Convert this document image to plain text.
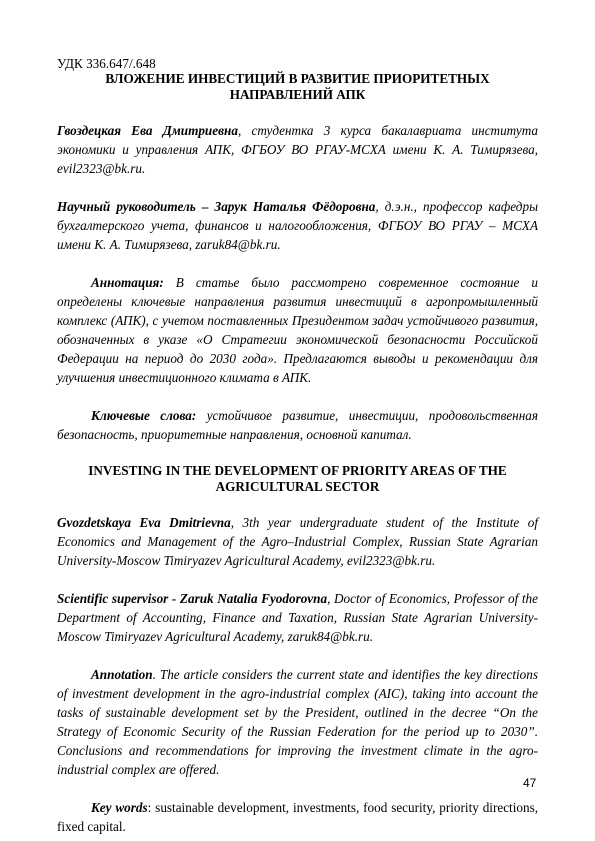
УДК 336.647/.648

ВЛОЖЕНИЕ ИНВЕСТИЦИЙ В РАЗВИТИЕ ПРИОРИТЕТНЫХ
НАПРАВЛЕНИЙ АПК

Гвоздецкая Ева Дмитриевна, студентка 3 курса бакалавриата института экономики и управления АПК, ФГБОУ ВО РГАУ-МСХА имени К. А. Тимирязева, evil2323@bk.ru.

Научный руководитель – Зарук Наталья Фёдоровна, д.э.н., профессор кафедры бухгалтерского учета, финансов и налогообложения, ФГБОУ ВО РГАУ – МСХА имени К. А. Тимирязева, zaruk84@bk.ru.

Аннотация: В статье было рассмотрено современное состояние и определены ключевые направления развития инвестиций в агропромышленный комплекс (АПК), с учетом поставленных Президентом задач устойчивого развития, обозначенных в указе «О Стратегии экономической безопасности Российской Федерации на период до 2030 года». Предлагаются выводы и рекомендации для улучшения инвестиционного климата в АПК.

Ключевые слова: устойчивое развитие, инвестиции, продовольственная безопасность, приоритетные направления, основной капитал.

INVESTING IN THE DEVELOPMENT OF PRIORITY AREAS OF THE
AGRICULTURAL SECTOR

Gvozdetskaya Eva Dmitrievna, 3th year undergraduate student of the Institute of Economics and Management of the Agro–Industrial Complex, Russian State Agrarian University-Moscow Timiryazev Agricultural Academy, evil2323@bk.ru.

Scientific supervisor - Zaruk Natalia Fyodorovna, Doctor of Economics, Professor of the Department of Accounting, Finance and Taxation, Russian State Agrarian University-Moscow Timiryazev Agricultural Academy, zaruk84@bk.ru.

Annotation. The article considers the current state and identifies the key directions of investment development in the agro-industrial complex (AIC), taking into account the tasks of sustainable development set by the President, outlined in the decree “On the Strategy of Economic Security of the Russian Federation for the period up to 2030”. Conclusions and recommendations for improving the investment climate in the agro-industrial complex are offered.

Key words: sustainable development, investments, food security, priority directions, fixed capital.

47
